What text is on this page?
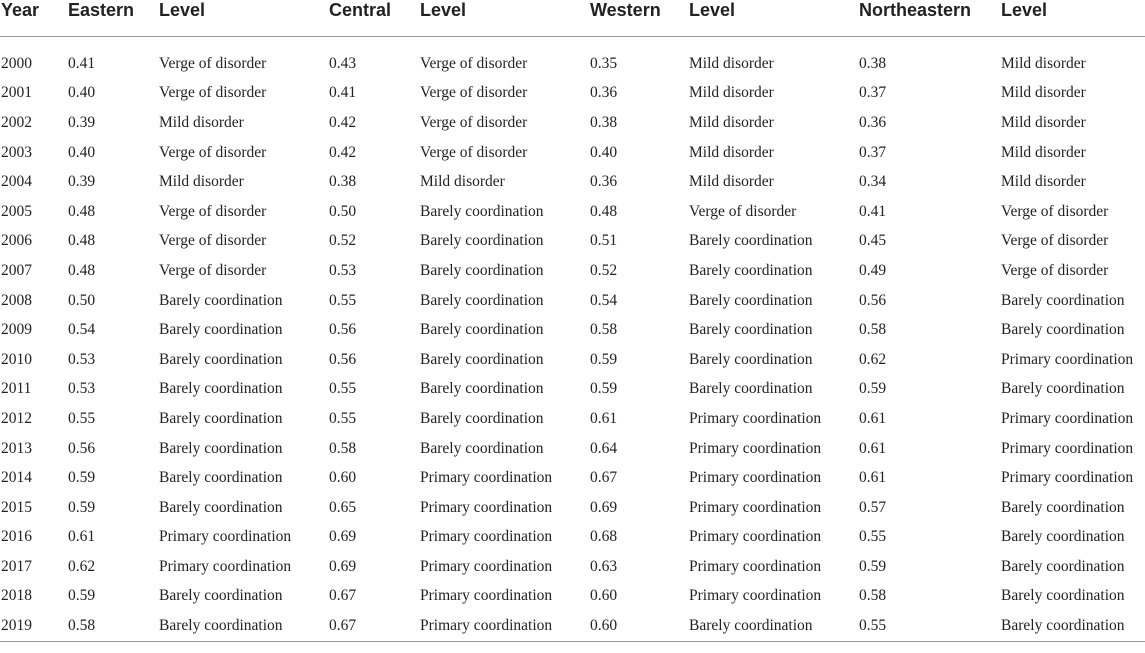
Year	Eastern	Level	Central	Level	Western	Level	Northeastern	Level

2000	0.41	Verge of disorder	0.43	Verge of disorder	0.35	Mild disorder	0.38	Mild disorder
2001	0.40	Verge of disorder	0.41	Verge of disorder	0.36	Mild disorder	0.37	Mild disorder
2002	0.39	Mild disorder	0.42	Verge of disorder	0.38	Mild disorder	0.36	Mild disorder
2003	0.40	Verge of disorder	0.42	Verge of disorder	0.40	Mild disorder	0.37	Mild disorder
2004	0.39	Mild disorder	0.38	Mild disorder	0.36	Mild disorder	0.34	Mild disorder
2005	0.48	Verge of disorder	0.50	Barely coordination	0.48	Verge of disorder	0.41	Verge of disorder
2006	0.48	Verge of disorder	0.52	Barely coordination	0.51	Barely coordination	0.45	Verge of disorder
2007	0.48	Verge of disorder	0.53	Barely coordination	0.52	Barely coordination	0.49	Verge of disorder
2008	0.50	Barely coordination	0.55	Barely coordination	0.54	Barely coordination	0.56	Barely coordination
2009	0.54	Barely coordination	0.56	Barely coordination	0.58	Barely coordination	0.58	Barely coordination
2010	0.53	Barely coordination	0.56	Barely coordination	0.59	Barely coordination	0.62	Primary coordination
2011	0.53	Barely coordination	0.55	Barely coordination	0.59	Barely coordination	0.59	Barely coordination
2012	0.55	Barely coordination	0.55	Barely coordination	0.61	Primary coordination	0.61	Primary coordination
2013	0.56	Barely coordination	0.58	Barely coordination	0.64	Primary coordination	0.61	Primary coordination
2014	0.59	Barely coordination	0.60	Primary coordination	0.67	Primary coordination	0.61	Primary coordination
2015	0.59	Barely coordination	0.65	Primary coordination	0.69	Primary coordination	0.57	Barely coordination
2016	0.61	Primary coordination	0.69	Primary coordination	0.68	Primary coordination	0.55	Barely coordination
2017	0.62	Primary coordination	0.69	Primary coordination	0.63	Primary coordination	0.59	Barely coordination
2018	0.59	Barely coordination	0.67	Primary coordination	0.60	Primary coordination	0.58	Barely coordination
2019	0.58	Barely coordination	0.67	Primary coordination	0.60	Barely coordination	0.55	Barely coordination
